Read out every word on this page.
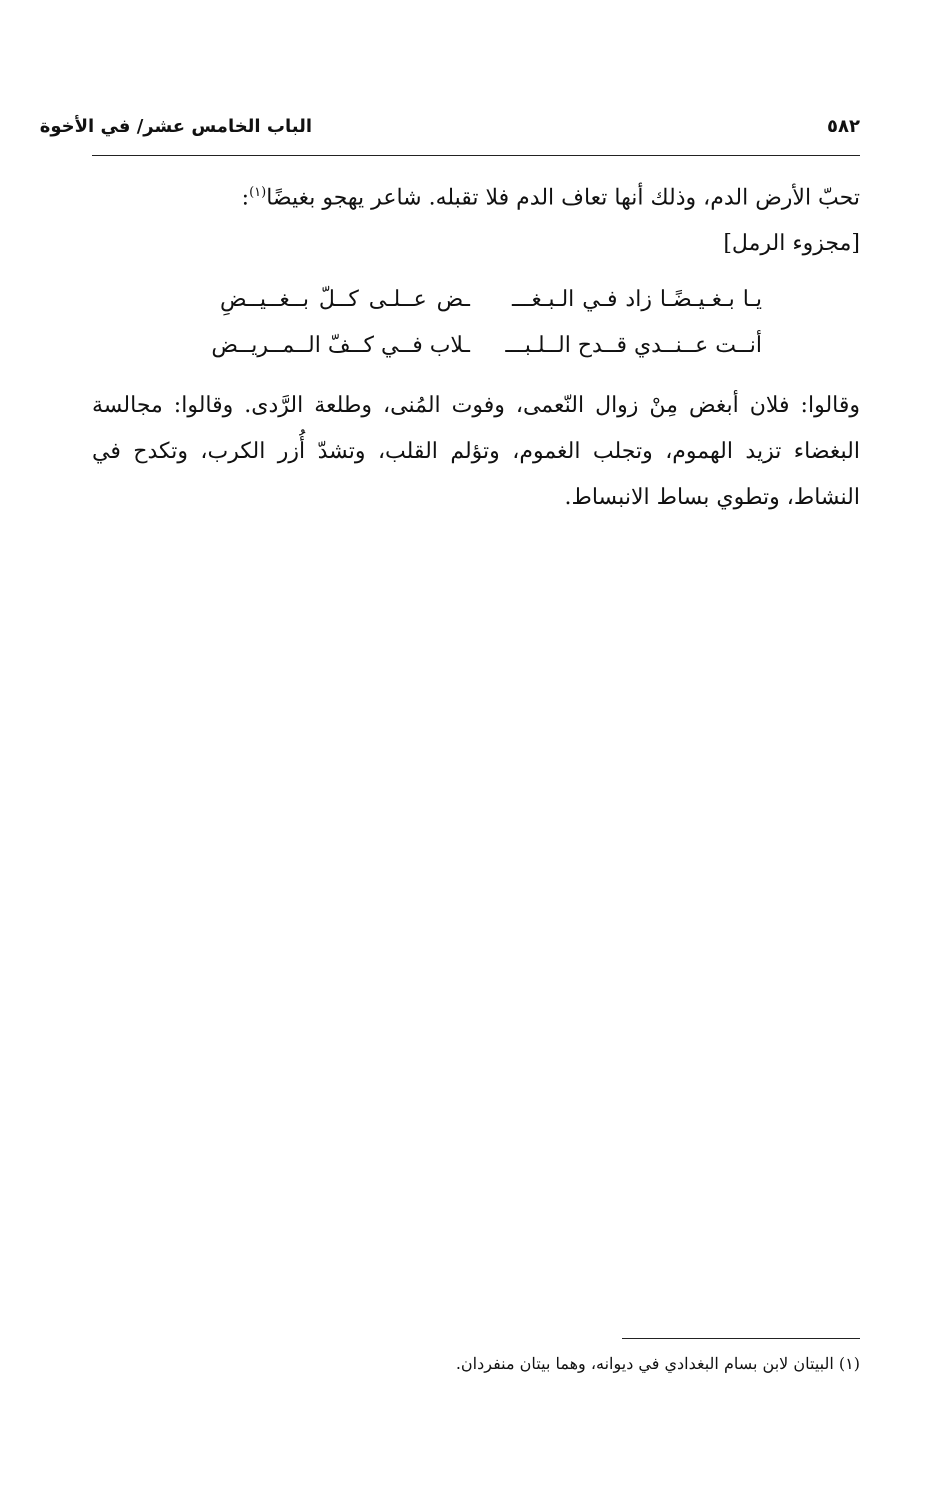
الباب الخامس عشر/ في الأخوة	٥٨٢

تحبّ الأرض الدم، وذلك أنها تعاف الدم فلا تقبله. شاعر يهجو بغيضًا$^{(١)}$:

[مجزوء الرمل]

يـا بـغـيـضًـا زاد فـي الـبـغـــ
ـض عــلـى كــلّ بــغــيــضِ
أنــت عــنــدي قــدح الــلـبـــ
ـلاب فــي كــفّ الــمــريــض

وقالوا: فلان أبغض مِنْ زوال النّعمى، وفوت المُنى، وطلعة الرَّدى. وقالوا: مجالسة البغضاء تزيد الهموم، وتجلب الغموم، وتؤلم القلب، وتشدّ أُزر الكرب، وتكدح في النشاط، وتطوي بساط الانبساط.

(١) البيتان لابن بسام البغدادي في ديوانه، وهما بيتان منفردان.
